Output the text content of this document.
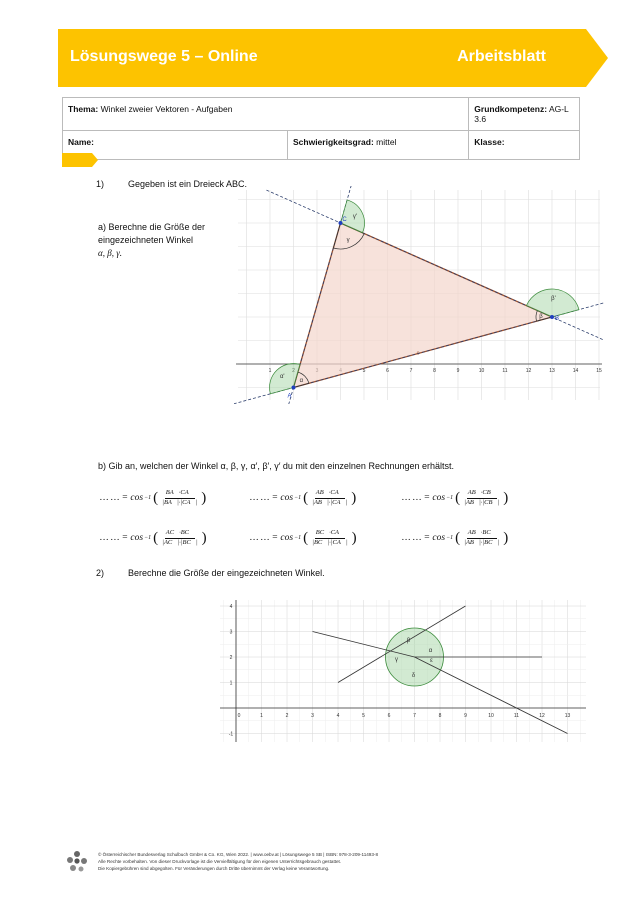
Lösungswege 5 – Online	Arbeitsblatt
Thema: Winkel zweier Vektoren - Aufgaben		Grundkompetenz: AG-L 3.6
Name:	Schwierigkeitsgrad: mittel	Klasse:
1)	Gegeben ist ein Dreieck ABC.
a) Berechne die Größe der
eingezeichneten Winkel
α, β, γ.
1	2	5	6	7	8	9	10	11	12	13	14	15
α
β
γ
α'
β'
γ'
A
B
C
c
b) Gib an, welchen der Winkel α, β, γ, α′, β′, γ′ du mit den einzelnen Rechnungen erhältst.
… … = cos −1 ( $\frac{BA⃗\cdot CA⃗}{|BA⃗|\cdot|CA⃗|}$ )	… … = cos −1 ( $\frac{AB⃗\cdot CA⃗}{|AB⃗|\cdot|CA⃗|}$ )	… … = cos −1 ( $\frac{AB⃗\cdot CB⃗}{|AB⃗|\cdot|CB⃗|}$ )
… … = cos −1 ( $\frac{AC⃗\cdot BC⃗}{|AC⃗|\cdot|BC⃗|}$ )	… … = cos −1 ( $\frac{BC⃗\cdot CA⃗}{|BC⃗|\cdot|CA⃗|}$ )	… … = cos −1 ( $\frac{AB⃗\cdot BC⃗}{|AB⃗|\cdot|BC⃗|}$ )
2)	Berechne die Größe der eingezeichneten Winkel.
0	1	2	3	4	5	6	7	8	9	10	11	12	13
4
3
2
1
-1
β
α
γ	ε
δ
© Österreichischer Bundesverlag Schulbuch GmbH & Co. KG, Wien 2022. | www.oebv.at | Lösungswege 5 SB | ISBN: 978-3-209-11493-8
Alle Rechte vorbehalten. Von dieser Druckvorlage ist die Vervielfältigung für den eigenen Unterrichtsgebrauch gestattet.
Die Kopiergebühren sind abgegolten. Für Veränderungen durch Dritte übernimmt der Verlag keine Verantwortung.
